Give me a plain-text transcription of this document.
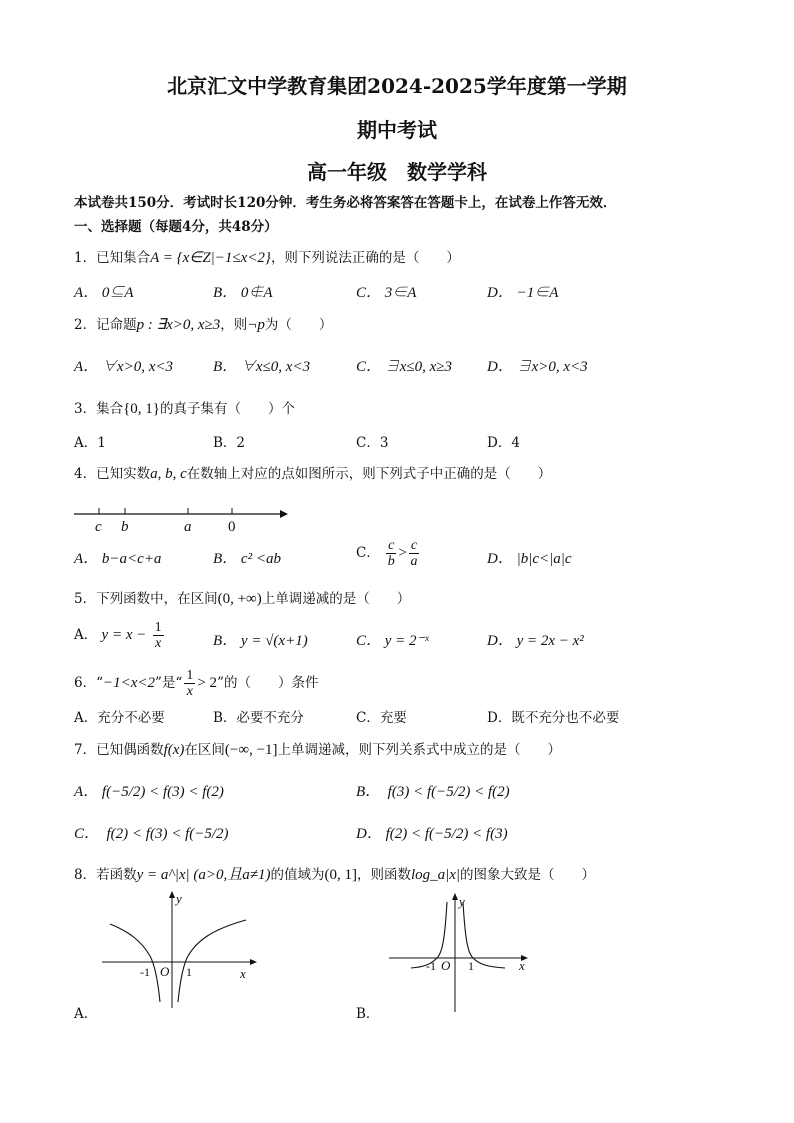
北京汇文中学教育集团2024-2025学年度第一学期
期中考试
高一年级　数学学科
本试卷共150分．考试时长120分钟．考生务必将答案答在答题卡上，在试卷上作答无效．
一、选择题（每题4分，共48分）
1．已知集合A = {x∈Z|−1≤x<2}，则下列说法正确的是（　　）
A． 0⊆A	B． 0∉A	C． 3∈A	D． −1∈A
2．记命题p : ∃x>0, x≥3，则¬p为（　　）
A． ∀x>0, x<3	B． ∀x≤0, x<3	C． ∃x≤0, x≥3 D． ∃x>0, x<3
3．集合{0, 1}的真子集有（　　）个
A．1	B．2	C．3	D．4
4．已知实数a, b, c在数轴上对应的点如图所示，则下列式子中正确的是（　　）
c b	a 0
A． b−a<c+a	B． c² <ab	C． $\frac{c}{b} > \frac{c}{a}$	D． |b|c<|a|c
5．下列函数中，在区间(0, +∞)上单调递减的是（　　）
A． $y = x - \frac{1}{x}$	B． y = √(x+1)	C． y = 2⁻ˣ	D． y = 2x − x²
6．“−1<x<2”是“ $\frac{1}{x} > 2$”的（　　）条件
A．充分不必要	B．必要不充分	C．充要	D．既不充分也不必要
7．已知偶函数f(x)在区间(−∞, −1]上单调递减，则下列关系式中成立的是（　　）
A． f(−5/2) < f(3) < f(2)	B．　f(3) < f(−5/2) < f(2)
C．　f(2) < f(3) < f(−5/2)	D． f(2) < f(−5/2) < f(3)
8．若函数y = a^|x| (a>0,且a≠1)的值域为(0, 1]，则函数log_a|x|的图象大致是（　　）
y
x
O
-1	1
A．
y
x
O
-1	1
B．
